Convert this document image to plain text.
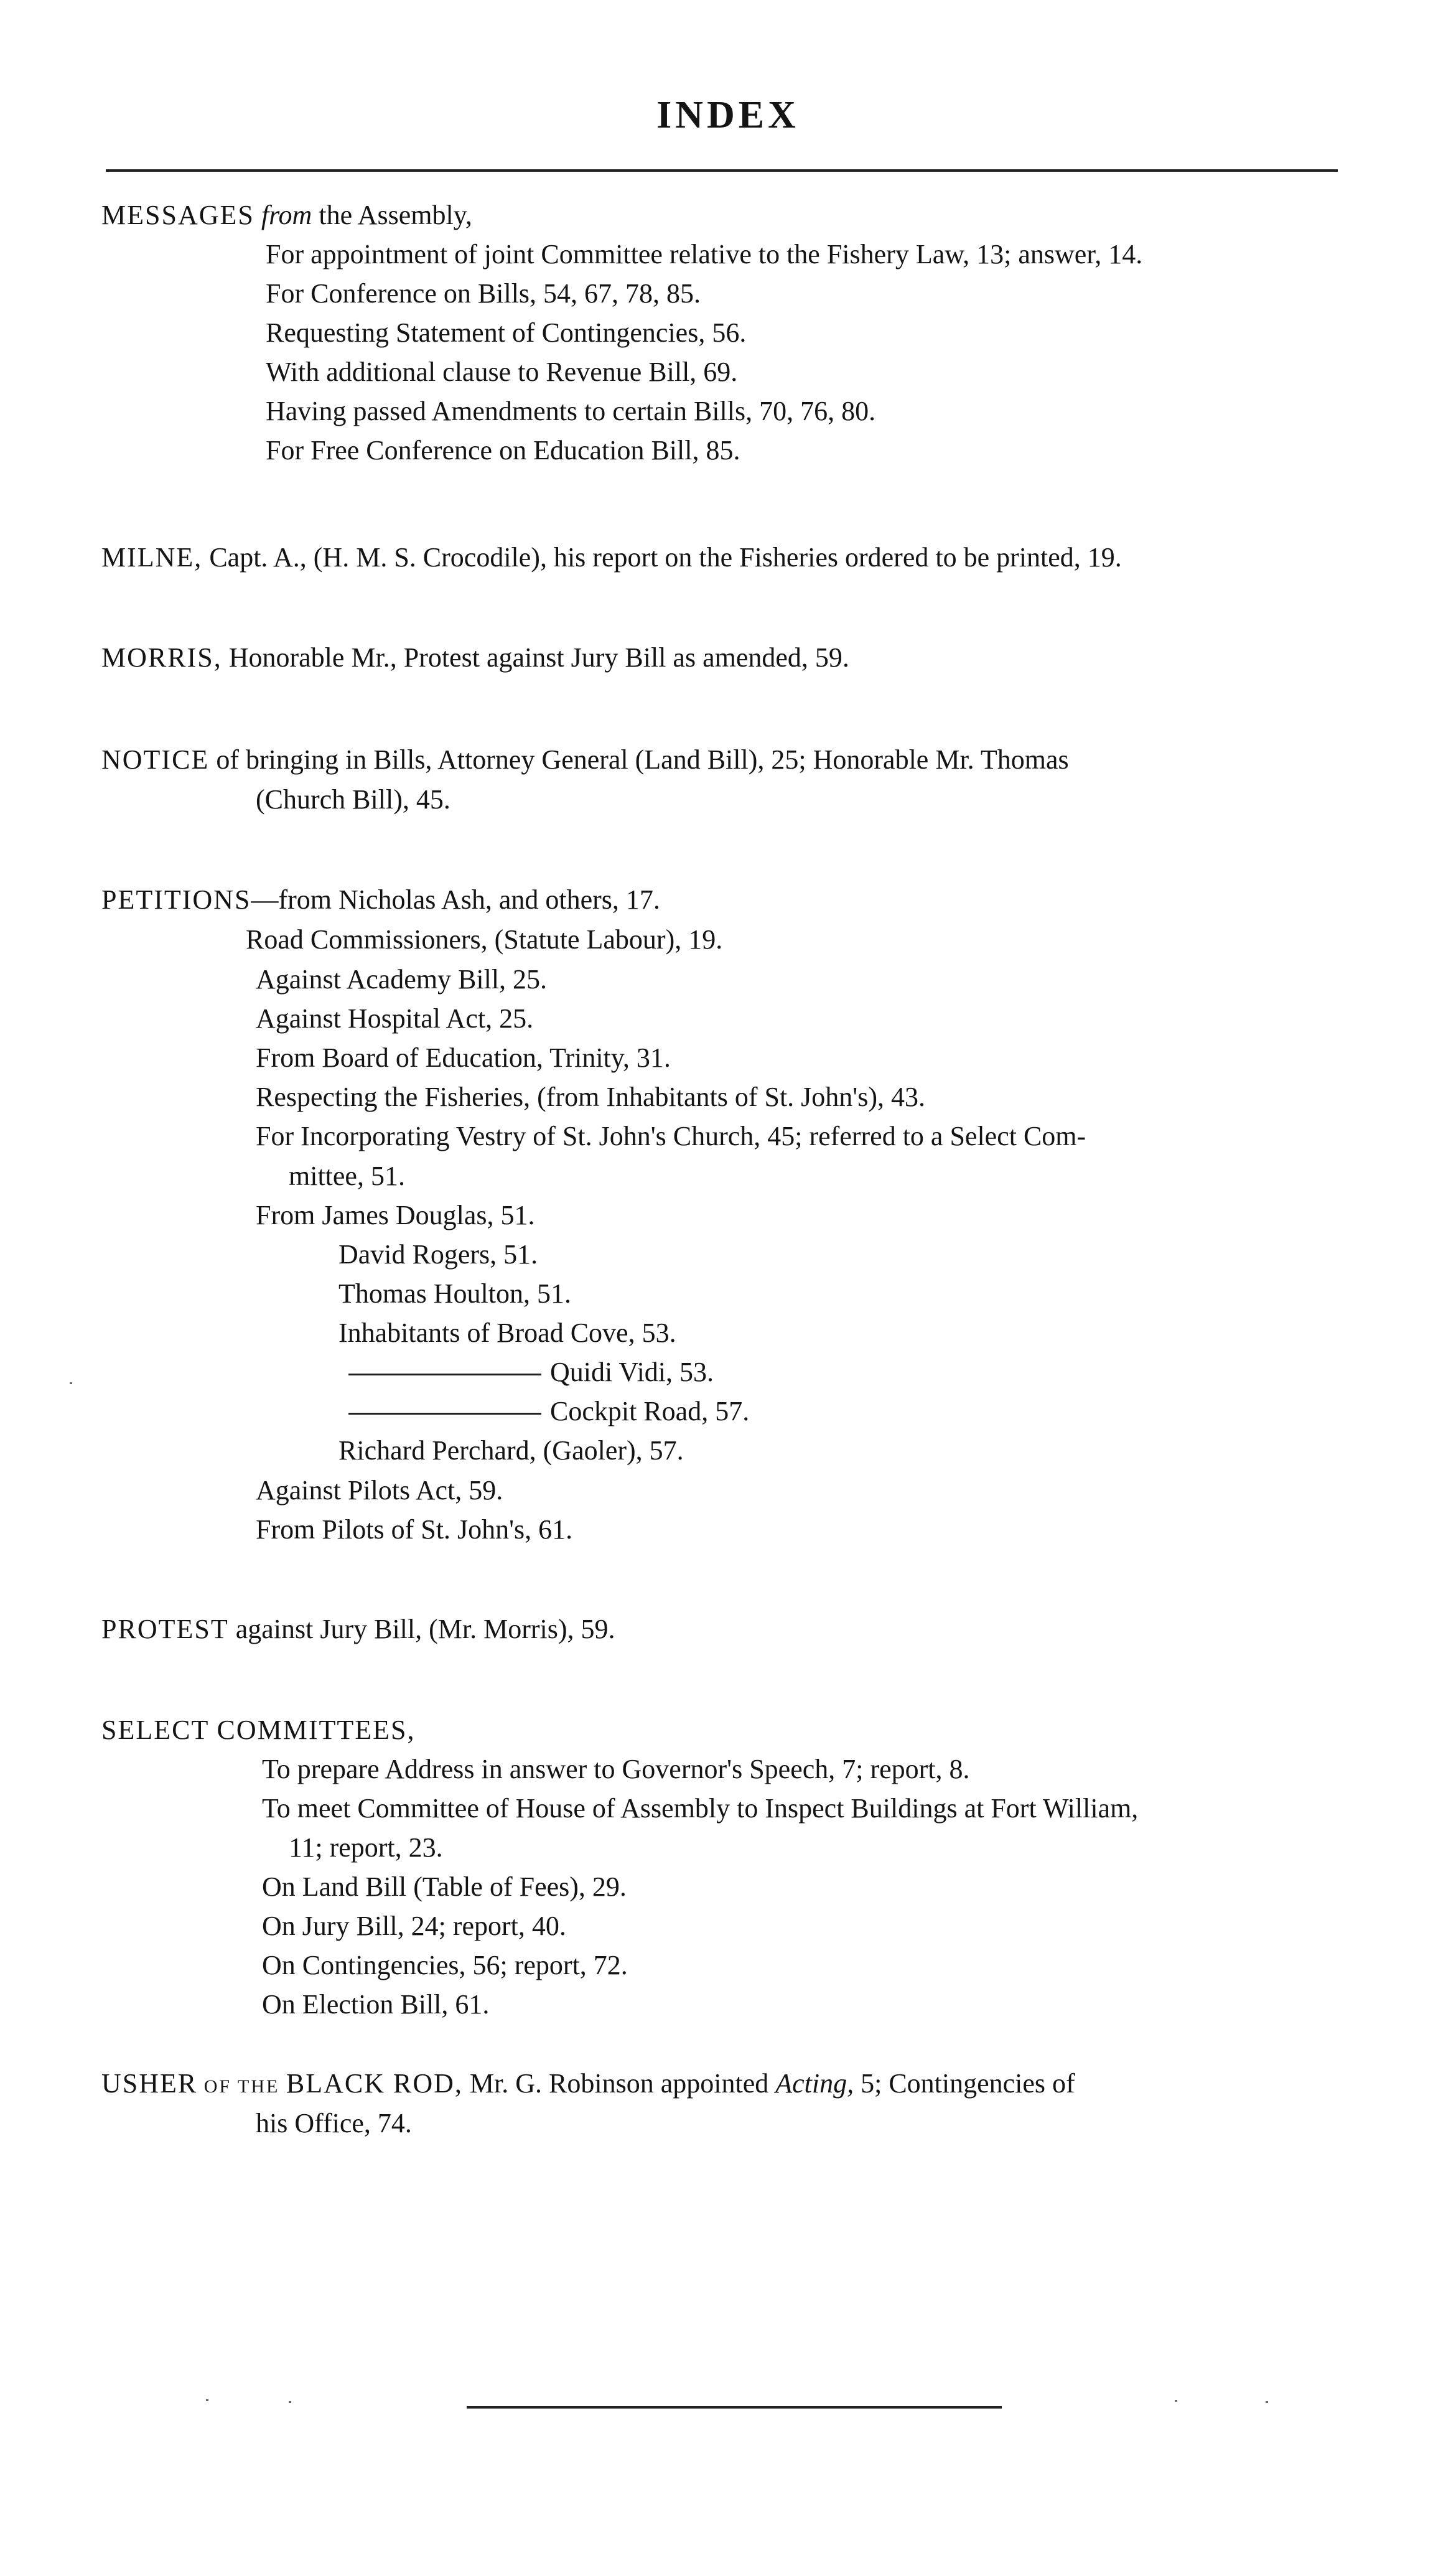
INDEX
MESSAGES from the Assembly,
For appointment of joint Committee relative to the Fishery Law, 13; answer, 14.
For Conference on Bills, 54, 67, 78, 85.
Requesting Statement of Contingencies, 56.
With additional clause to Revenue Bill, 69.
Having passed Amendments to certain Bills, 70, 76, 80.
For Free Conference on Education Bill, 85.
MILNE, Capt. A., (H. M. S. Crocodile), his report on the Fisheries ordered to be printed, 19.
MORRIS, Honorable Mr., Protest against Jury Bill as amended, 59.
NOTICE of bringing in Bills, Attorney General (Land Bill), 25; Honorable Mr. Thomas
(Church Bill), 45.
PETITIONS—from Nicholas Ash, and others, 17.
Road Commissioners, (Statute Labour), 19.
Against Academy Bill, 25.
Against Hospital Act, 25.
From Board of Education, Trinity, 31.
Respecting the Fisheries, (from Inhabitants of St. John's), 43.
For Incorporating Vestry of St. John's Church, 45; referred to a Select Com-
mittee, 51.
From James Douglas, 51.
David Rogers, 51.
Thomas Houlton, 51.
Inhabitants of Broad Cove, 53.
Quidi Vidi, 53.
Cockpit Road, 57.
Richard Perchard, (Gaoler), 57.
Against Pilots Act, 59.
From Pilots of St. John's, 61.
PROTEST against Jury Bill, (Mr. Morris), 59.
SELECT COMMITTEES,
To prepare Address in answer to Governor's Speech, 7; report, 8.
To meet Committee of House of Assembly to Inspect Buildings at Fort William,
11; report, 23.
On Land Bill (Table of Fees), 29.
On Jury Bill, 24; report, 40.
On Contingencies, 56; report, 72.
On Election Bill, 61.
USHER OF THE BLACK ROD, Mr. G. Robinson appointed Acting, 5; Contingencies of
his Office, 74.
